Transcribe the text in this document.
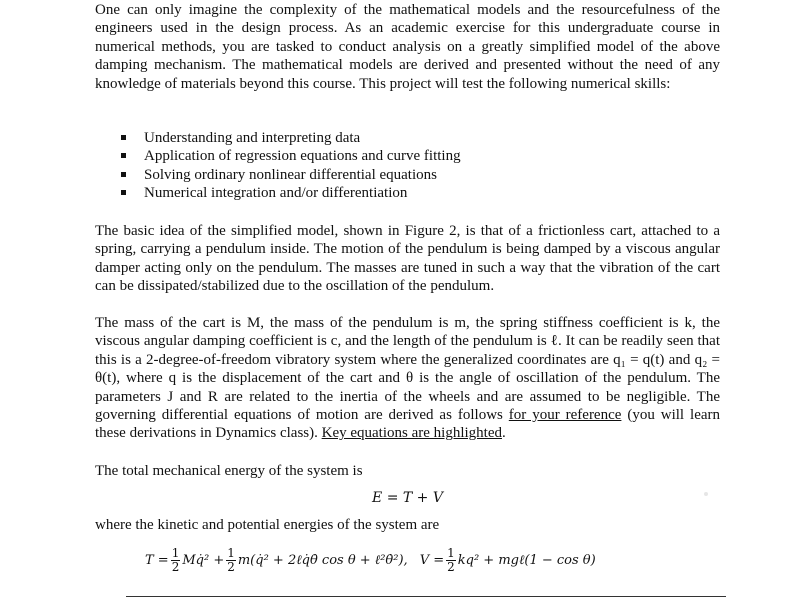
One can only imagine the complexity of the mathematical models and the resourcefulness of the engineers used in the design process. As an academic exercise for this undergraduate course in numerical methods, you are tasked to conduct analysis on a greatly simplified model of the above damping mechanism. The mathematical models are derived and presented without the need of any knowledge of materials beyond this course. This project will test the following numerical skills:

Understanding and interpreting data
Application of regression equations and curve fitting
Solving ordinary nonlinear differential equations
Numerical integration and/or differentiation

The basic idea of the simplified model, shown in Figure 2, is that of a frictionless cart, attached to a spring, carrying a pendulum inside. The motion of the pendulum is being damped by a viscous angular damper acting only on the pendulum. The masses are tuned in such a way that the vibration of the cart can be dissipated/stabilized due to the oscillation of the pendulum.

The mass of the cart is M, the mass of the pendulum is m, the spring stiffness coefficient is k, the viscous angular damping coefficient is c, and the length of the pendulum is ℓ. It can be readily seen that this is a 2-degree-of-freedom vibratory system where the generalized coordinates are q₁ = q(t) and q₂ = θ(t), where q is the displacement of the cart and θ is the angle of oscillation of the pendulum. The parameters J and R are related to the inertia of the wheels and are assumed to be negligible. The governing differential equations of motion are derived as follows for your reference (you will learn these derivations in Dynamics class). Key equations are highlighted.

The total mechanical energy of the system is

E = T + V

where the kinetic and potential energies of the system are

$T = \frac{1}{2}$ Mq̇² + $\frac{1}{2}$ m(q̇² + 2ℓq̇θ̇ cos θ + ℓ²θ̇²), $V = \frac{1}{2} kq^2$ + mgℓ(1 − cos θ)
